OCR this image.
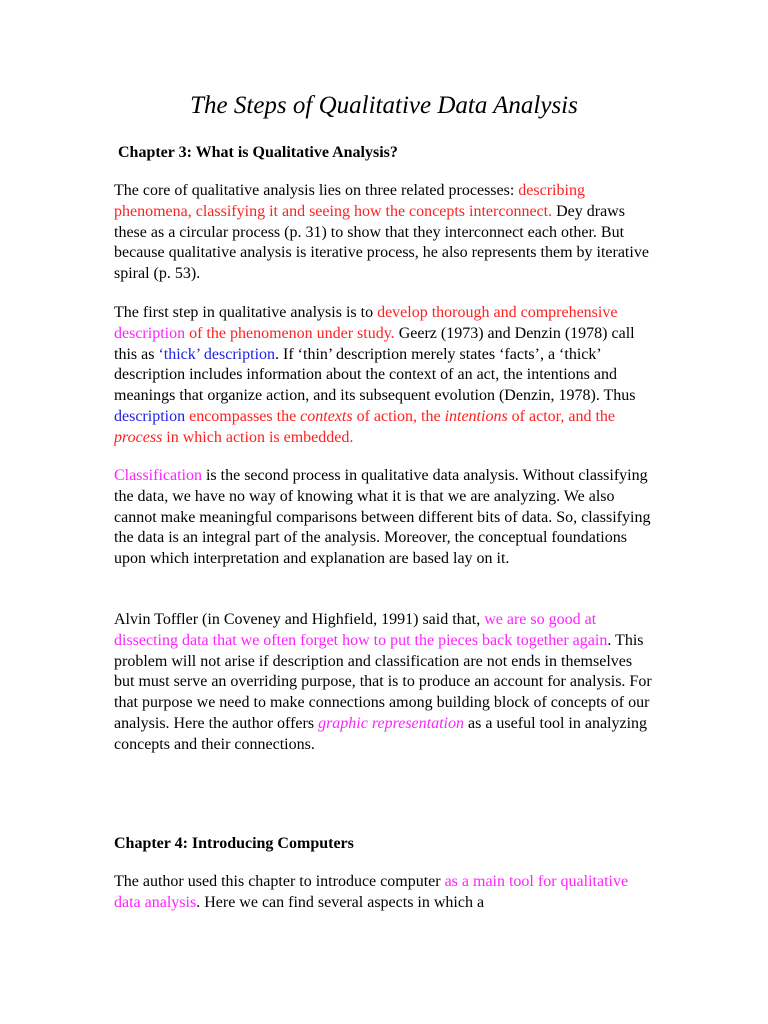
The Steps of Qualitative Data Analysis
Chapter 3: What is Qualitative Analysis?

The core of qualitative analysis lies on three related processes: describing phenomena, classifying it and seeing how the concepts interconnect. Dey draws these as a circular process (p. 31) to show that they interconnect each other. But because qualitative analysis is iterative process, he also represents them by iterative spiral (p. 53).

The first step in qualitative analysis is to develop thorough and comprehensive description of the phenomenon under study. Geerz (1973) and Denzin (1978) call this as ‘thick’ description. If ‘thin’ description merely states ‘facts’, a ‘thick’ description includes information about the context of an act, the intentions and meanings that organize action, and its subsequent evolution (Denzin, 1978). Thus description encompasses the contexts of action, the intentions of actor, and the process in which action is embedded.

Classification is the second process in qualitative data analysis. Without classifying the data, we have no way of knowing what it is that we are analyzing. We also cannot make meaningful comparisons between different bits of data. So, classifying the data is an integral part of the analysis. Moreover, the conceptual foundations upon which interpretation and explanation are based lay on it.

Alvin Toffler (in Coveney and Highfield, 1991) said that, we are so good at dissecting data that we often forget how to put the pieces back together again. This problem will not arise if description and classification are not ends in themselves but must serve an overriding purpose, that is to produce an account for analysis. For that purpose we need to make connections among building block of concepts of our analysis. Here the author offers graphic representation as a useful tool in analyzing concepts and their connections.

Chapter 4: Introducing Computers

The author used this chapter to introduce computer as a main tool for qualitative data analysis. Here we can find several aspects in which a
